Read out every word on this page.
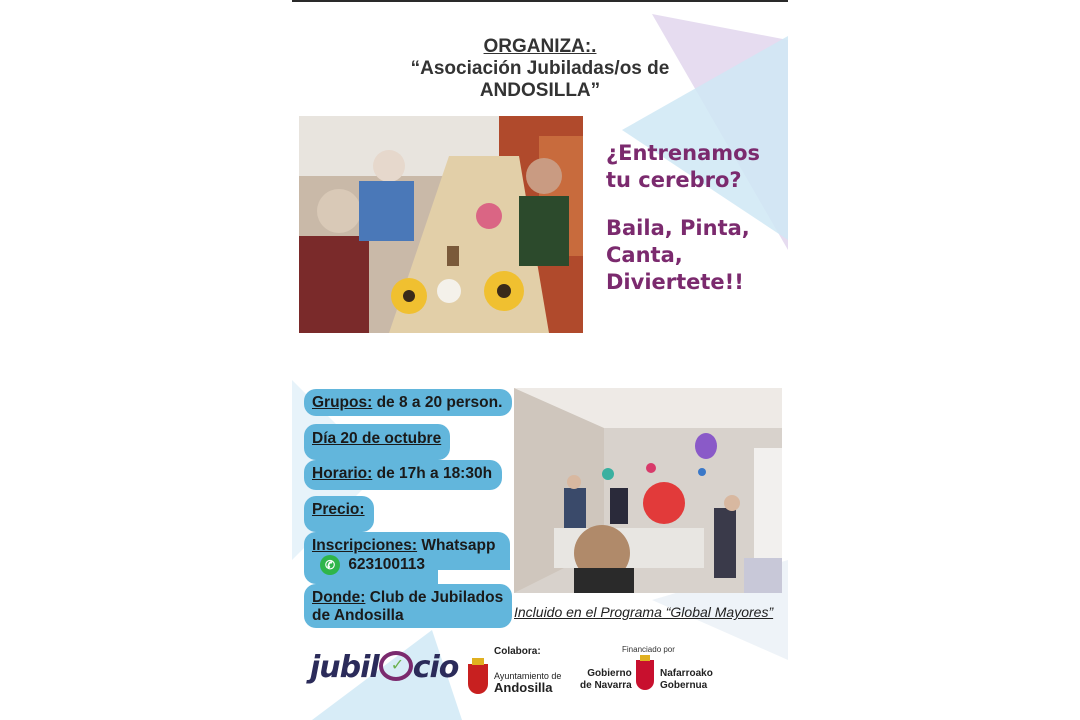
ORGANIZA:.
“Asociación Jubiladas/os de
ANDOSILLA”
¿Entrenamos
tu cerebro?
Baila, Pinta,
Canta,
Diviertete!!
Grupos: de 8 a 20 person.
Día 20 de octubre
Horario: de 17h a 18:30h
Precio:
Inscripciones: Whatsapp
✆ 623100113
Donde: Club de Jubilados
de Andosilla	Incluido en el Programa “Global Mayores”
Colabora:	Financiado por
jubil ✓ cio	Ayuntamiento de
Andosilla
Gobierno
de Navarra
Nafarroako
Gobernua
